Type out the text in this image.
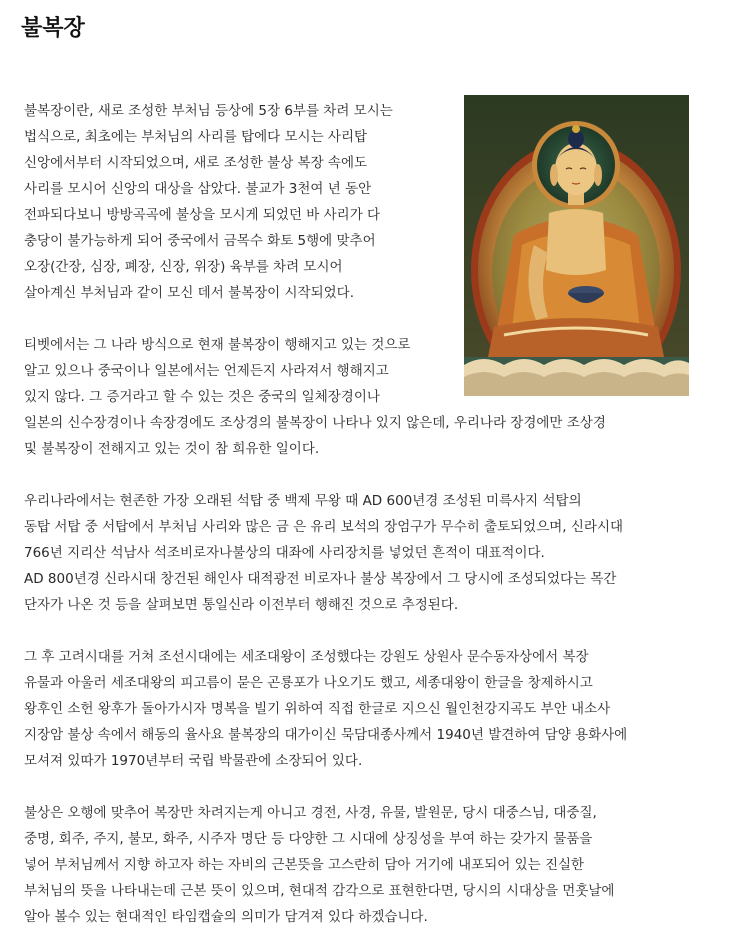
불복장

불복장이란, 새로 조성한 부처님 등상에 5장 6부를 차려 모시는
법식으로, 최초에는 부처님의 사리를 탑에다 모시는 사리탑
신앙에서부터 시작되었으며, 새로 조성한 불상 복장 속에도
사리를 모시어 신앙의 대상을 삼았다. 불교가 3천여 년 동안
전파되다보니 방방곡곡에 불상을 모시게 되었던 바 사리가 다
충당이 불가능하게 되어 중국에서 금목수 화토 5행에 맞추어
오장(간장, 심장, 폐장, 신장, 위장) 육부를 차려 모시어
살아계신 부처님과 같이 모신 데서 불복장이 시작되었다.

티벳에서는 그 나라 방식으로 현재 불복장이 행해지고 있는 것으로
알고 있으나 중국이나 일본에서는 언제든지 사라져서 행해지고
있지 않다. 그 증거라고 할 수 있는 것은 중국의 일체장경이나
일본의 신수장경이나 속장경에도 조상경의 불복장이 나타나 있지 않은데, 우리나라 장경에만 조상경
및 불복장이 전해지고 있는 것이 참 희유한 일이다.

우리나라에서는 현존한 가장 오래된 석탑 중 백제 무왕 때 AD 600년경 조성된 미륵사지 석탑의
동탑 서탑 중 서탑에서 부처님 사리와 많은 금 은 유리 보석의 장엄구가 무수히 출토되었으며, 신라시대
766년 지리산 석남사 석조비로자나불상의 대좌에 사리장치를 넣었던 흔적이 대표적이다.
AD 800년경 신라시대 창건된 해인사 대적광전 비로자나 불상 복장에서 그 당시에 조성되었다는 목간
단자가 나온 것 등을 살펴보면 통일신라 이전부터 행해진 것으로 추정된다.

그 후 고려시대를 거쳐 조선시대에는 세조대왕이 조성했다는 강원도 상원사 문수동자상에서 복장
유물과 아울러 세조대왕의 피고름이 묻은 곤룡포가 나오기도 했고, 세종대왕이 한글을 창제하시고
왕후인 소헌 왕후가 돌아가시자 명복을 빌기 위하여 직접 한글로 지으신 월인천강지곡도 부안 내소사
지장암 불상 속에서 해동의 율사요 불복장의 대가이신 묵담대종사께서 1940년 발견하여 담양 용화사에
모셔져 있따가 1970년부터 국립 박물관에 소장되어 있다.

불상은 오행에 맞추어 복장만 차려지는게 아니고 경전, 사경, 유물, 발원문, 당시 대중스님, 대중질,
중명, 회주, 주지, 불모, 화주, 시주자 명단 등 다양한 그 시대에 상징성을 부여 하는 갖가지 물품을
넣어 부처님께서 지향 하고자 하는 자비의 근본뜻을 고스란히 담아 거기에 내포되어 있는 진실한
부처님의 뜻을 나타내는데 근본 뜻이 있으며, 현대적 감각으로 표현한다면, 당시의 시대상을 먼훗날에
알아 볼수 있는 현대적인 타임캡슐의 의미가 담겨져 있다 하겠습니다.
